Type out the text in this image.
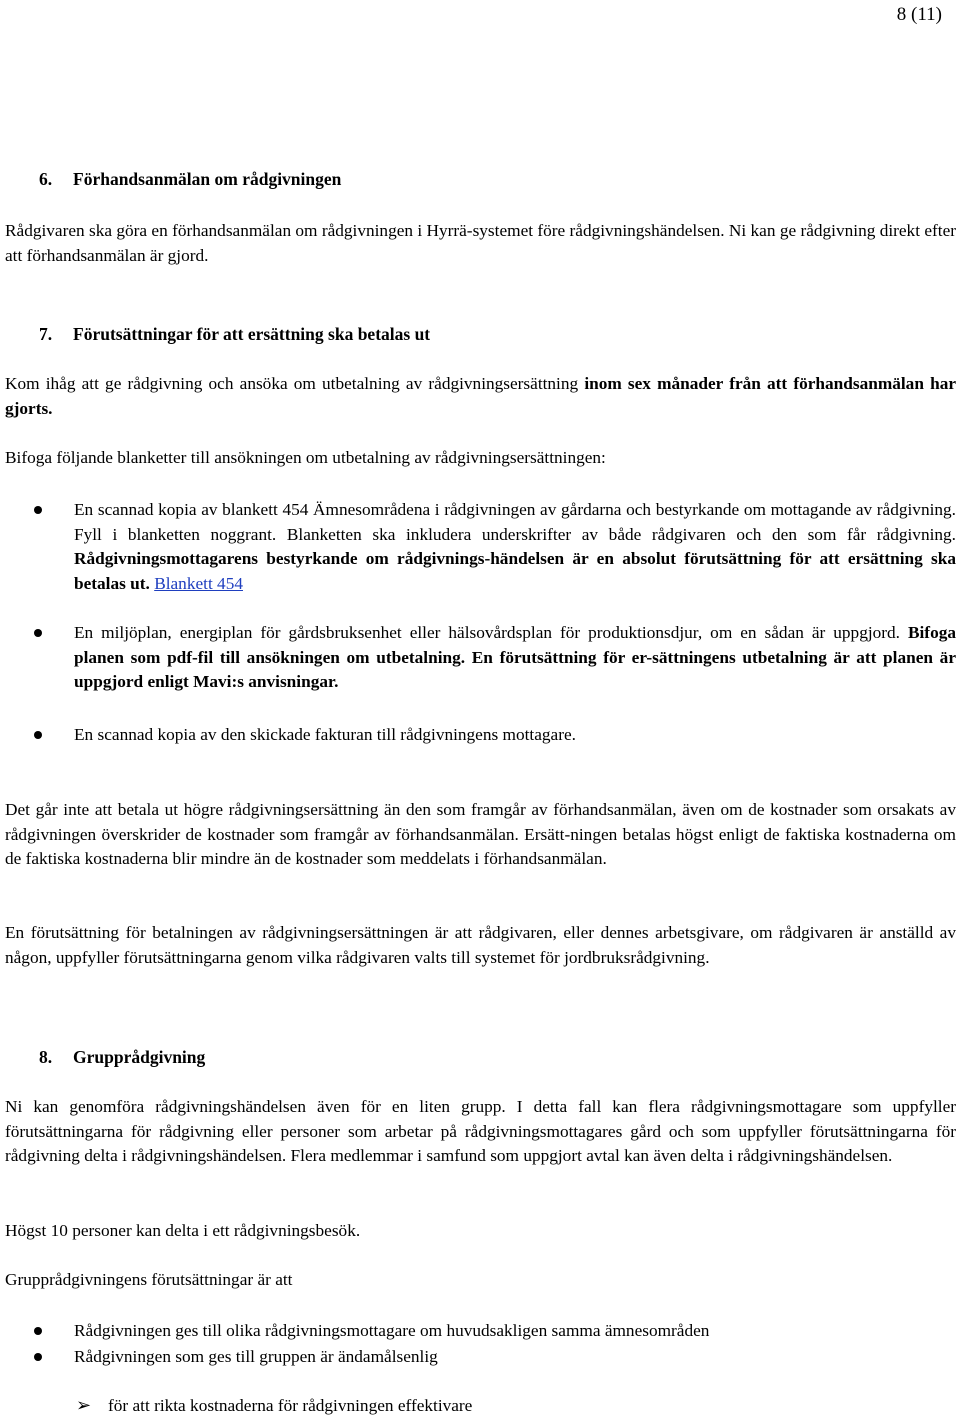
8 (11)
6. Förhandsanmälan om rådgivningen
Rådgivaren ska göra en förhandsanmälan om rådgivningen i Hyrrä-systemet före rådgivningshändelsen. Ni kan ge rådgivning direkt efter att förhandsanmälan är gjord.
7. Förutsättningar för att ersättning ska betalas ut
Kom ihåg att ge rådgivning och ansöka om utbetalning av rådgivningsersättning inom sex månader från att förhandsanmälan har gjorts.
Bifoga följande blanketter till ansökningen om utbetalning av rådgivningsersättningen:
En scannad kopia av blankett 454 Ämnesområdena i rådgivningen av gårdarna och bestyrkande om mottagande av rådgivning. Fyll i blanketten noggrant. Blanketten ska inkludera underskrifter av både rådgivaren och den som får rådgivning. Rådgivningsmottagarens bestyrkande om rådgivnings-händelsen är en absolut förutsättning för att ersättning ska betalas ut. Blankett 454
En miljöplan, energiplan för gårdsbruksenhet eller hälsovårdsplan för produktionsdjur, om en sådan är uppgjord. Bifoga planen som pdf-fil till ansökningen om utbetalning. En förutsättning för er-sättningens utbetalning är att planen är uppgjord enligt Mavi:s anvisningar.
En scannad kopia av den skickade fakturan till rådgivningens mottagare.
Det går inte att betala ut högre rådgivningsersättning än den som framgår av förhandsanmälan, även om de kostnader som orsakats av rådgivningen överskrider de kostnader som framgår av förhandsanmälan. Ersätt-ningen betalas högst enligt de faktiska kostnaderna om de faktiska kostnaderna blir mindre än de kostnader som meddelats i förhandsanmälan.
En förutsättning för betalningen av rådgivningsersättningen är att rådgivaren, eller dennes arbetsgivare, om rådgivaren är anställd av någon, uppfyller förutsättningarna genom vilka rådgivaren valts till systemet för jordbruksrådgivning.
8. Grupprådgivning
Ni kan genomföra rådgivningshändelsen även för en liten grupp. I detta fall kan flera rådgivningsmottagare som uppfyller förutsättningarna för rådgivning eller personer som arbetar på rådgivningsmottagares gård och som uppfyller förutsättningarna för rådgivning delta i rådgivningshändelsen. Flera medlemmar i samfund som uppgjort avtal kan även delta i rådgivningshändelsen.
Högst 10 personer kan delta i ett rådgivningsbesök.
Grupprådgivningens förutsättningar är att
Rådgivningen ges till olika rådgivningsmottagare om huvudsakligen samma ämnesområden
Rådgivningen som ges till gruppen är ändamålsenlig
➢ för att rikta kostnaderna för rådgivningen effektivare
